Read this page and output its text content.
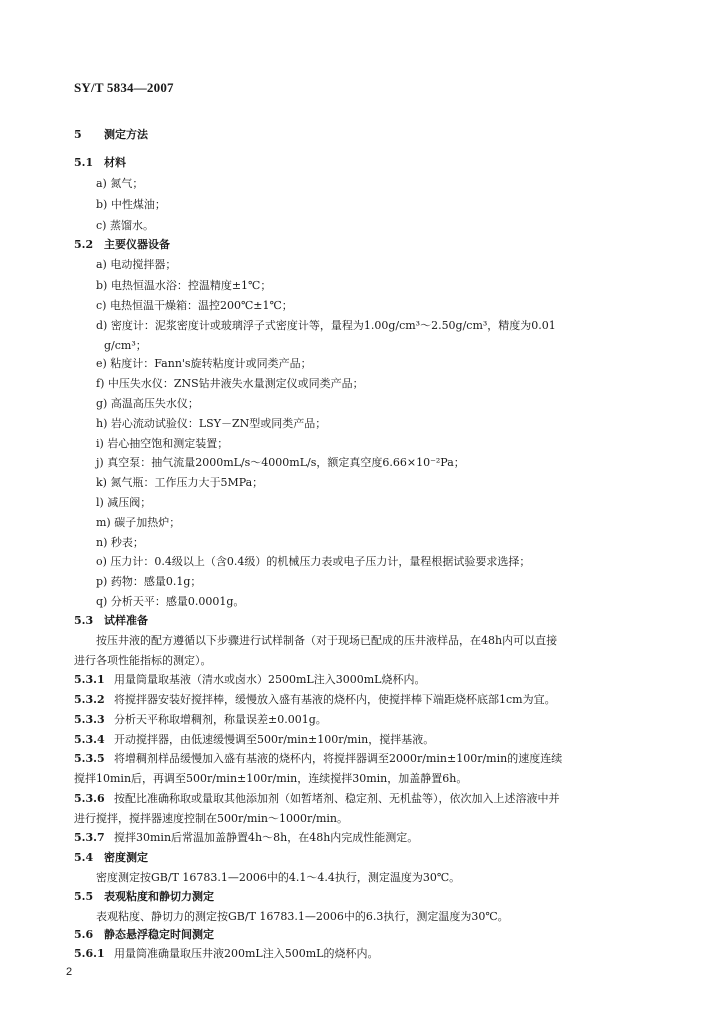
SY/T 5834—2007
5 测定方法
5.1 材料
a) 氮气；
b) 中性煤油；
c) 蒸馏水。
5.2 主要仪器设备
a) 电动搅拌器；
b) 电热恒温水浴：控温精度±1℃；
c) 电热恒温干燥箱：温控200℃±1℃；
d) 密度计：泥浆密度计或玻璃浮子式密度计等，量程为1.00g/cm³～2.50g/cm³，精度为0.01
g/cm³；
e) 粘度计：Fann's旋转粘度计或同类产品；
f) 中压失水仪：ZNS钻井液失水量测定仪或同类产品；
g) 高温高压失水仪；
h) 岩心流动试验仪：LSY－ZN型或同类产品；
i) 岩心抽空饱和测定装置；
j) 真空泵：抽气流量2000mL/s～4000mL/s，额定真空度6.66×10⁻²Pa；
k) 氮气瓶：工作压力大于5MPa；
l) 减压阀；
m) 碳子加热炉；
n) 秒表；
o) 压力计：0.4级以上（含0.4级）的机械压力表或电子压力计，量程根据试验要求选择；
p) 药物：感量0.1g；
q) 分析天平：感量0.0001g。
5.3 试样准备
按压井液的配方遵循以下步骤进行试样制备（对于现场已配成的压井液样品，在48h内可以直接
进行各项性能指标的测定）。
5.3.1 用量筒量取基液（清水或卤水）2500mL注入3000mL烧杯内。
5.3.2 将搅拌器安装好搅拌棒，缓慢放入盛有基液的烧杯内，使搅拌棒下端距烧杯底部1cm为宜。
5.3.3 分析天平称取增稠剂，称量误差±0.001g。
5.3.4 开动搅拌器，由低速缓慢调至500r/min±100r/min，搅拌基液。
5.3.5 将增稠剂样品缓慢加入盛有基液的烧杯内，将搅拌器调至2000r/min±100r/min的速度连续
搅拌10min后，再调至500r/min±100r/min，连续搅拌30min，加盖静置6h。
5.3.6 按配比准确称取或量取其他添加剂（如暂堵剂、稳定剂、无机盐等），依次加入上述溶液中并
进行搅拌，搅拌器速度控制在500r/min～1000r/min。
5.3.7 搅拌30min后常温加盖静置4h～8h，在48h内完成性能测定。
5.4 密度测定
密度测定按GB/T 16783.1—2006中的4.1～4.4执行，测定温度为30℃。
5.5 表观粘度和静切力测定
表观粘度、静切力的测定按GB/T 16783.1—2006中的6.3执行，测定温度为30℃。
5.6 静态悬浮稳定时间测定
5.6.1 用量筒准确量取压井液200mL注入500mL的烧杯内。
2
